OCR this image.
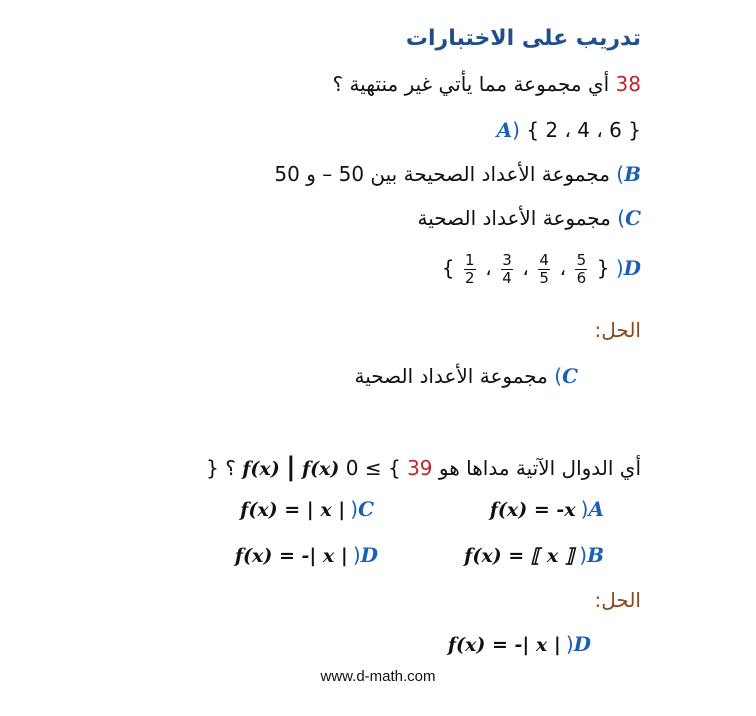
تدريب على الاختبارات
38 أي مجموعة مما يأتي غير منتهية ؟
A) { 2 ، 4 ، 6 }
B) مجموعة الأعداد الصحيحة بين 50 – و 50
C) مجموعة الأعداد الصحية
{ $\frac{1}{2}$ ، $\frac{3}{4}$ ، $\frac{4}{5}$ ، $\frac{5}{6}$ } )D
الحل:
C) مجموعة الأعداد الصحية
} ؟ f(x) | f(x) 0 ≤ { أي الدوال الآتية مداها هو 39
f(x) = -x )A
f(x) = | x | )C
f(x) = ⟦ x ⟧ )B
f(x) = -| x | )D
الحل:
f(x) = -| x | )D
www.d-math.com
